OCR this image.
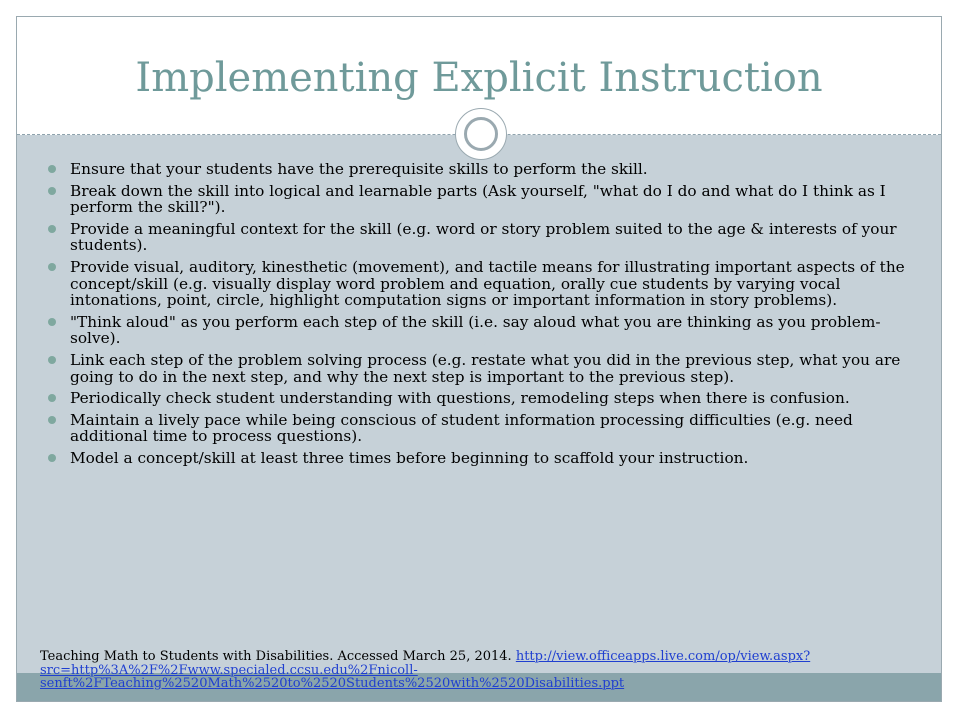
Implementing Explicit Instruction
Ensure that your students have the prerequisite skills to perform the skill.
Break down the skill into logical and learnable parts (Ask yourself, "what do I do and what do I think as I perform the skill?").
Provide a meaningful context for the skill (e.g. word or story problem suited to the age & interests of your students).
Provide visual, auditory, kinesthetic (movement), and tactile means for illustrating important aspects of the concept/skill (e.g. visually display word problem and equation, orally cue students by varying vocal intonations, point, circle, highlight computation signs or important information in story problems).
"Think aloud" as you perform each step of the skill (i.e. say aloud what you are thinking as you problem-solve).
Link each step of the problem solving process (e.g. restate what you did in the previous step, what you are going to do in the next step, and why the next step is important to the previous step).
Periodically check student understanding with questions, remodeling steps when there is confusion.
Maintain a lively pace while being conscious of student information processing difficulties (e.g. need additional time to process questions).
Model a concept/skill at least three times before beginning to scaffold your instruction.
Teaching Math to Students with Disabilities. Accessed March 25, 2014. http://view.officeapps.live.com/op/view.aspx?src=http%3A%2F%2Fwww.specialed.ccsu.edu%2Fnicoll-senft%2FTeaching%2520Math%2520to%2520Students%2520with%2520Disabilities.ppt
